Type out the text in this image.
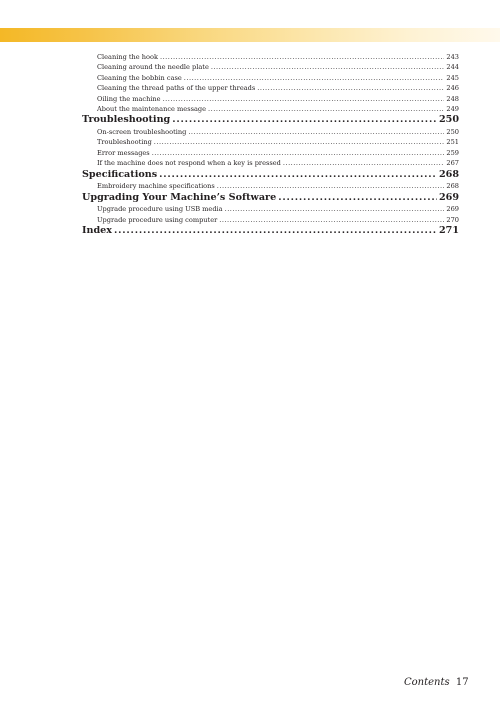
Cleaning the hook .....	243
Cleaning around the needle plate .....	244
Cleaning the bobbin case .....	245
Cleaning the thread paths of the upper threads .....	246
Oiling the machine .....	248
About the maintenance message .....	249
Troubleshooting .....	250
On-screen troubleshooting .....	250
Troubleshooting .....	251
Error messages .....	259
If the machine does not respond when a key is pressed .....	267
Specifications .....	268
Embroidery machine specifications .....	268
Upgrading Your Machine’s Software .....	269
Upgrade procedure using USB media .....	269
Upgrade procedure using computer .....	270
Index .....	271
Contents 17
